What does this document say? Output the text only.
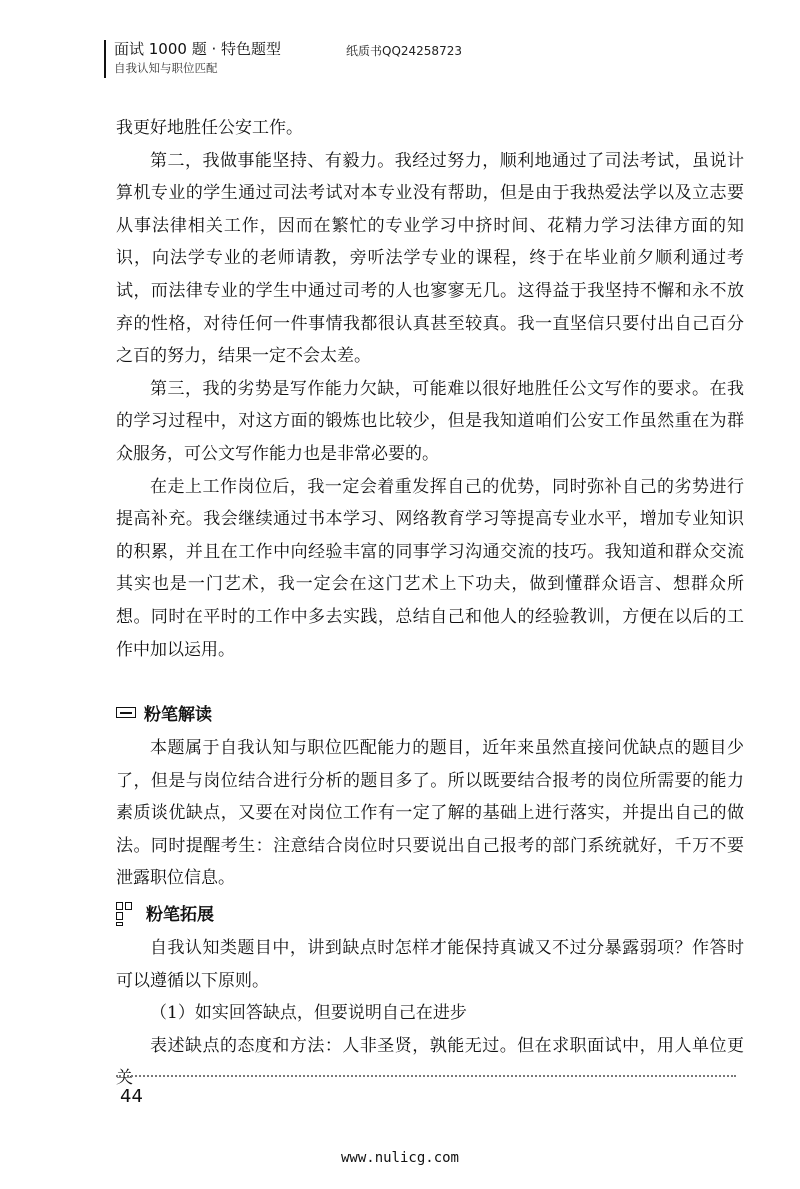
面试 1000 题 · 特色题型
自我认知与职位匹配
纸质书QQ24258723

我更好地胜任公安工作。

第二，我做事能坚持、有毅力。我经过努力，顺利地通过了司法考试，虽说计算机专业的学生通过司法考试对本专业没有帮助，但是由于我热爱法学以及立志要从事法律相关工作，因而在繁忙的专业学习中挤时间、花精力学习法律方面的知识，向法学专业的老师请教，旁听法学专业的课程，终于在毕业前夕顺利通过考试，而法律专业的学生中通过司考的人也寥寥无几。这得益于我坚持不懈和永不放弃的性格，对待任何一件事情我都很认真甚至较真。我一直坚信只要付出自己百分之百的努力，结果一定不会太差。

第三，我的劣势是写作能力欠缺，可能难以很好地胜任公文写作的要求。在我的学习过程中，对这方面的锻炼也比较少，但是我知道咱们公安工作虽然重在为群众服务，可公文写作能力也是非常必要的。

在走上工作岗位后，我一定会着重发挥自己的优势，同时弥补自己的劣势进行提高补充。我会继续通过书本学习、网络教育学习等提高专业水平，增加专业知识的积累，并且在工作中向经验丰富的同事学习沟通交流的技巧。我知道和群众交流其实也是一门艺术，我一定会在这门艺术上下功夫，做到懂群众语言、想群众所想。同时在平时的工作中多去实践，总结自己和他人的经验教训，方便在以后的工作中加以运用。

粉笔解读

本题属于自我认知与职位匹配能力的题目，近年来虽然直接问优缺点的题目少了，但是与岗位结合进行分析的题目多了。所以既要结合报考的岗位所需要的能力素质谈优缺点，又要在对岗位工作有一定了解的基础上进行落实，并提出自己的做法。同时提醒考生：注意结合岗位时只要说出自己报考的部门系统就好，千万不要泄露职位信息。

粉笔拓展

自我认知类题目中，讲到缺点时怎样才能保持真诚又不过分暴露弱项？作答时可以遵循以下原则。

（1）如实回答缺点，但要说明自己在进步

表述缺点的态度和方法：人非圣贤，孰能无过。但在求职面试中，用人单位更关

44
www.nulicg.com
